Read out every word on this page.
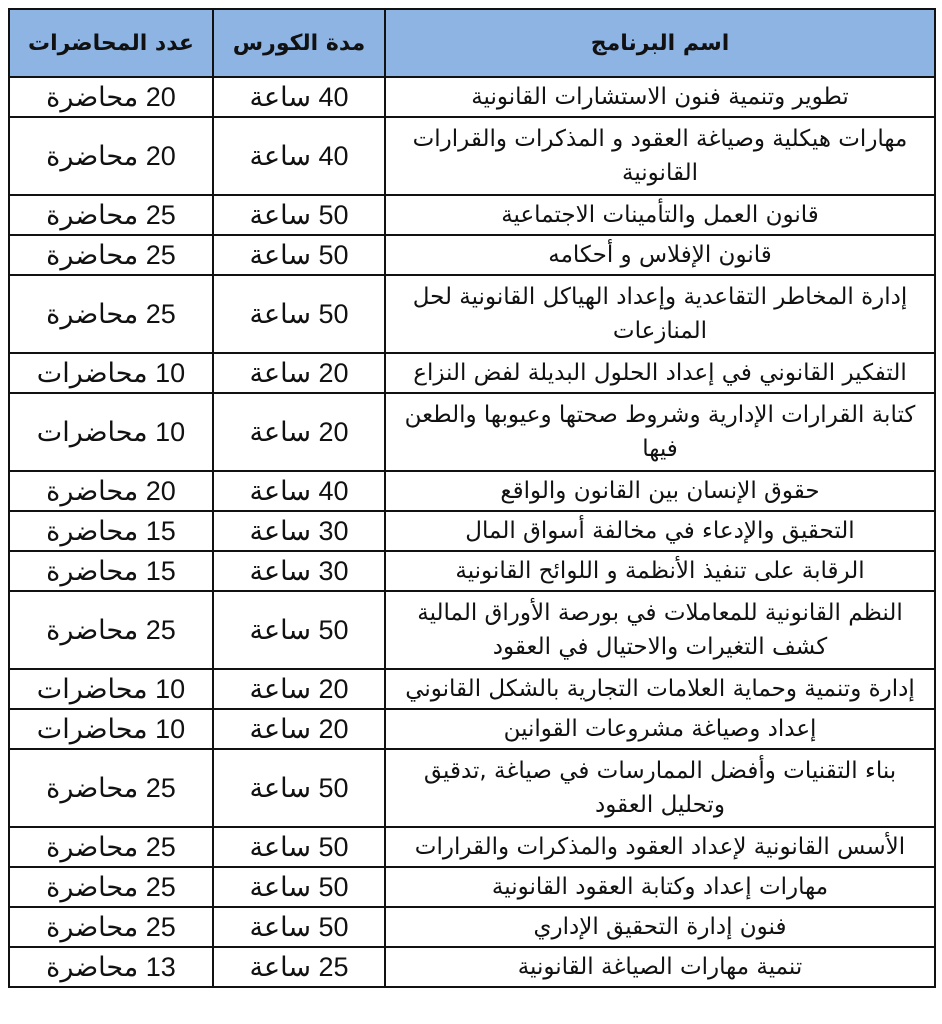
اسم البرنامج	مدة الكورس	عدد المحاضرات
تطوير وتنمية فنون الاستشارات القانونية	40 ساعة	20 محاضرة
مهارات هيكلية وصياغة العقود و المذكرات والقرارات القانونية	40 ساعة	20 محاضرة
قانون العمل والتأمينات الاجتماعية	50 ساعة	25 محاضرة
قانون الإفلاس و أحكامه	50 ساعة	25 محاضرة
إدارة المخاطر التقاعدية وإعداد الهياكل القانونية لحل المنازعات	50 ساعة	25 محاضرة
التفكير القانوني في إعداد الحلول البديلة لفض النزاع	20 ساعة	10 محاضرات
كتابة القرارات الإدارية وشروط صحتها وعيوبها والطعن فيها	20 ساعة	10 محاضرات
حقوق الإنسان بين القانون والواقع	40 ساعة	20 محاضرة
التحقيق والإدعاء في مخالفة أسواق المال	30 ساعة	15 محاضرة
الرقابة على تنفيذ الأنظمة و اللوائح القانونية	30 ساعة	15 محاضرة
النظم القانونية للمعاملات في بورصة الأوراق المالية كشف التغيرات والاحتيال في العقود	50 ساعة	25 محاضرة
إدارة وتنمية وحماية العلامات التجارية بالشكل القانوني	20 ساعة	10 محاضرات
إعداد وصياغة مشروعات القوانين	20 ساعة	10 محاضرات
بناء التقنيات وأفضل الممارسات في صياغة ,تدقيق وتحليل العقود	50 ساعة	25 محاضرة
الأسس القانونية لإعداد العقود والمذكرات والقرارات	50 ساعة	25 محاضرة
مهارات إعداد وكتابة العقود القانونية	50 ساعة	25 محاضرة
فنون إدارة التحقيق الإداري	50 ساعة	25 محاضرة
تنمية مهارات الصياغة القانونية	25 ساعة	13 محاضرة
